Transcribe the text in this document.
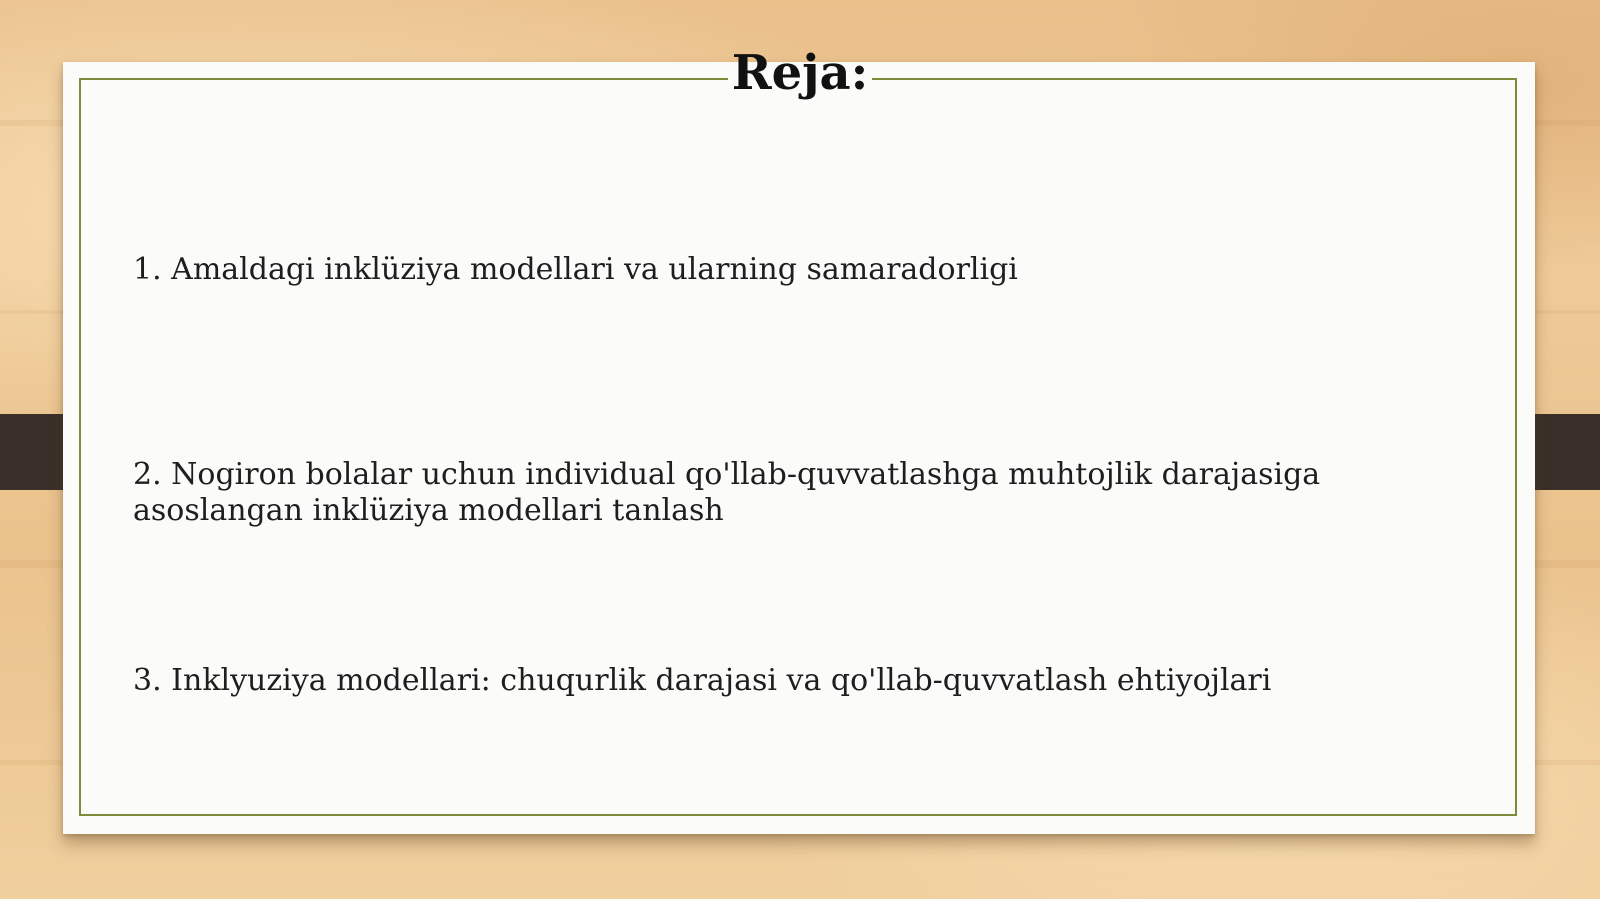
Reja:
1. Amaldagi inklüziya modellari va ularning samaradorligi
2. Nogiron bolalar uchun individual qo'llab-quvvatlashga muhtojlik darajasiga asoslangan inklüziya modellari tanlash
3. Inklyuziya modellari: chuqurlik darajasi va qo'llab-quvvatlash ehtiyojlari
